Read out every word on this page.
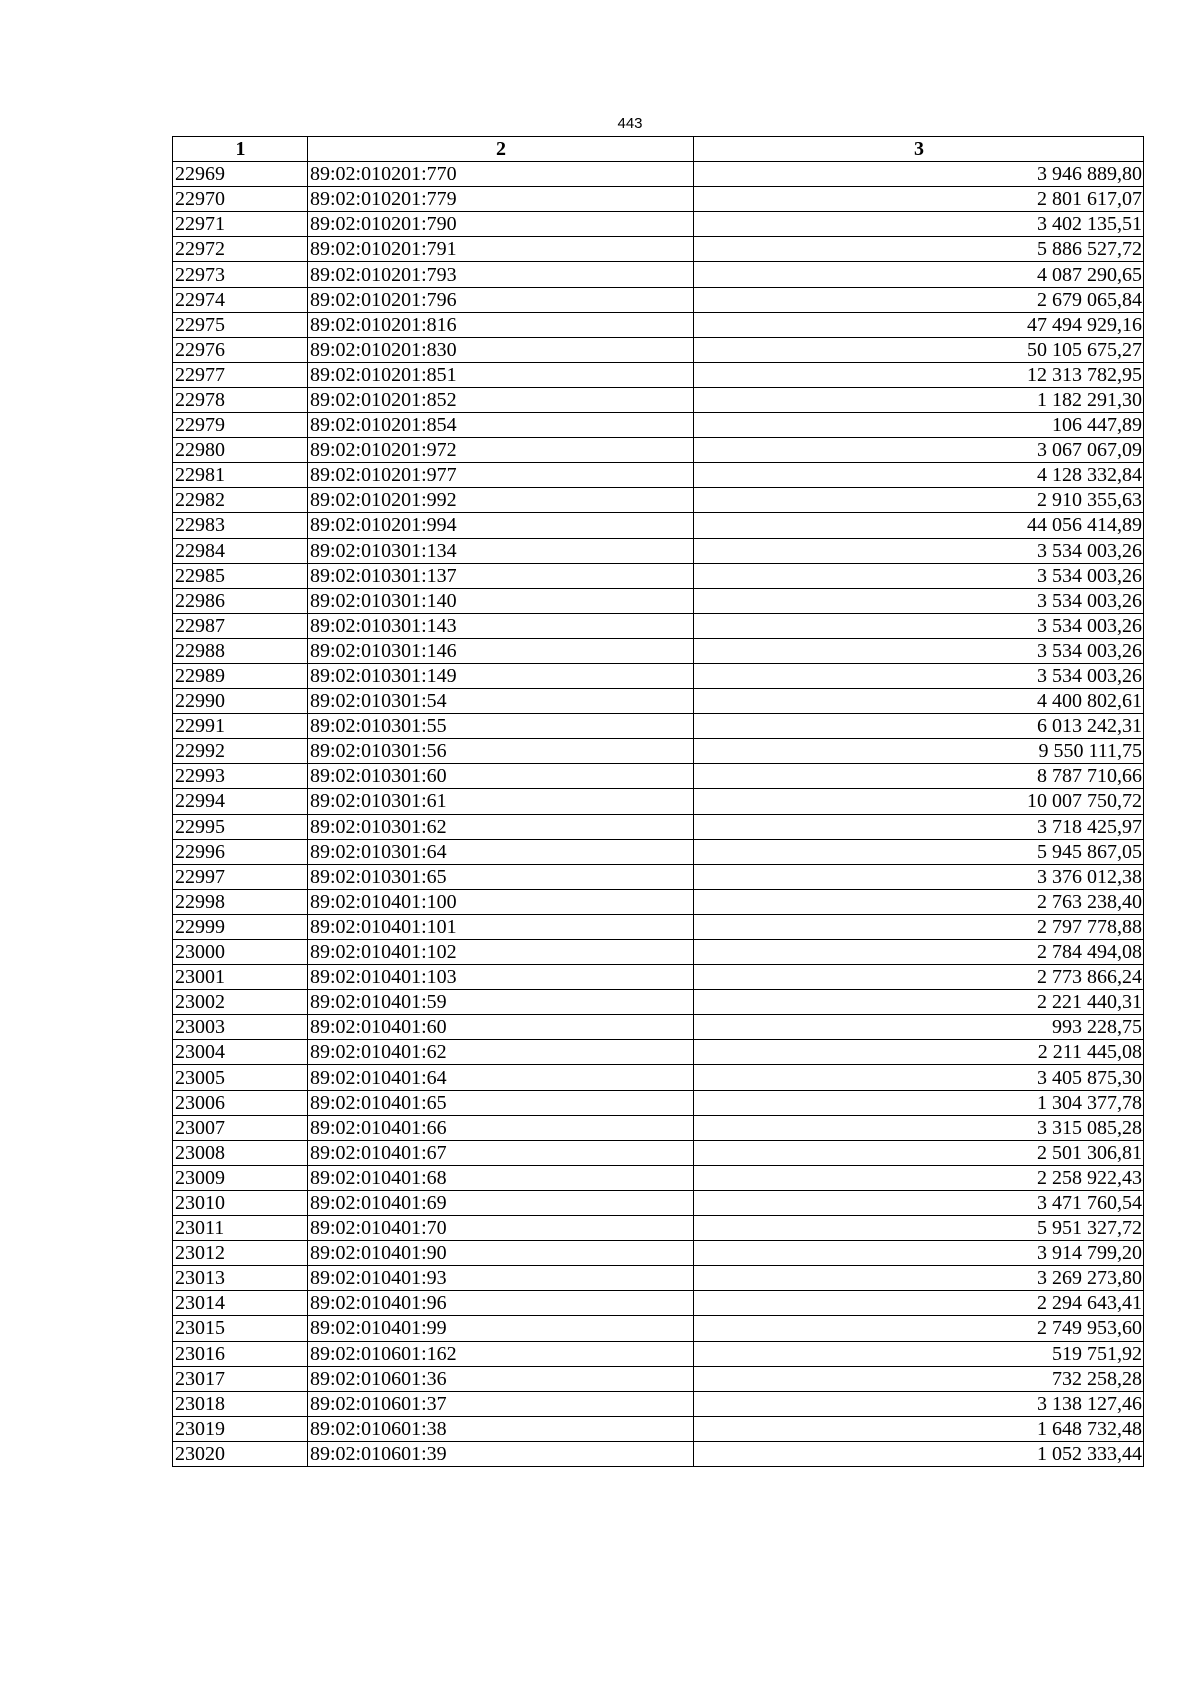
443
1	2	3
22969	89:02:010201:770	3 946 889,80
22970	89:02:010201:779	2 801 617,07
22971	89:02:010201:790	3 402 135,51
22972	89:02:010201:791	5 886 527,72
22973	89:02:010201:793	4 087 290,65
22974	89:02:010201:796	2 679 065,84
22975	89:02:010201:816	47 494 929,16
22976	89:02:010201:830	50 105 675,27
22977	89:02:010201:851	12 313 782,95
22978	89:02:010201:852	1 182 291,30
22979	89:02:010201:854	106 447,89
22980	89:02:010201:972	3 067 067,09
22981	89:02:010201:977	4 128 332,84
22982	89:02:010201:992	2 910 355,63
22983	89:02:010201:994	44 056 414,89
22984	89:02:010301:134	3 534 003,26
22985	89:02:010301:137	3 534 003,26
22986	89:02:010301:140	3 534 003,26
22987	89:02:010301:143	3 534 003,26
22988	89:02:010301:146	3 534 003,26
22989	89:02:010301:149	3 534 003,26
22990	89:02:010301:54	4 400 802,61
22991	89:02:010301:55	6 013 242,31
22992	89:02:010301:56	9 550 111,75
22993	89:02:010301:60	8 787 710,66
22994	89:02:010301:61	10 007 750,72
22995	89:02:010301:62	3 718 425,97
22996	89:02:010301:64	5 945 867,05
22997	89:02:010301:65	3 376 012,38
22998	89:02:010401:100	2 763 238,40
22999	89:02:010401:101	2 797 778,88
23000	89:02:010401:102	2 784 494,08
23001	89:02:010401:103	2 773 866,24
23002	89:02:010401:59	2 221 440,31
23003	89:02:010401:60	993 228,75
23004	89:02:010401:62	2 211 445,08
23005	89:02:010401:64	3 405 875,30
23006	89:02:010401:65	1 304 377,78
23007	89:02:010401:66	3 315 085,28
23008	89:02:010401:67	2 501 306,81
23009	89:02:010401:68	2 258 922,43
23010	89:02:010401:69	3 471 760,54
23011	89:02:010401:70	5 951 327,72
23012	89:02:010401:90	3 914 799,20
23013	89:02:010401:93	3 269 273,80
23014	89:02:010401:96	2 294 643,41
23015	89:02:010401:99	2 749 953,60
23016	89:02:010601:162	519 751,92
23017	89:02:010601:36	732 258,28
23018	89:02:010601:37	3 138 127,46
23019	89:02:010601:38	1 648 732,48
23020	89:02:010601:39	1 052 333,44
